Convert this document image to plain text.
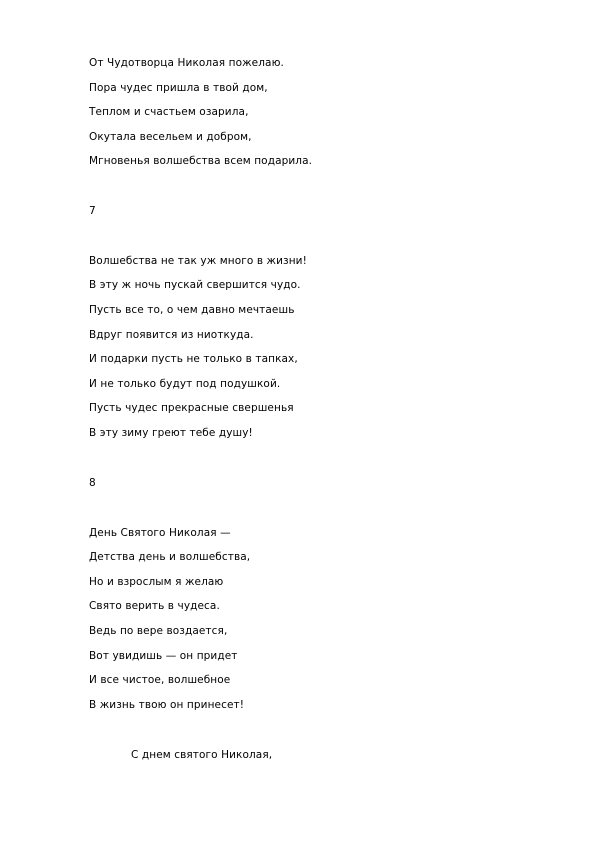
От Чудотворца Николая пожелаю.
Пора чудес пришла в твой дом,
Теплом и счастьем озарила,
Окутала весельем и добром,
Мгновенья волшебства всем подарила.
7
Волшебства не так уж много в жизни!
В эту ж ночь пускай свершится чудо.
Пусть все то, о чем давно мечтаешь
Вдруг появится из ниоткуда.
И подарки пусть не только в тапках,
И не только будут под подушкой.
Пусть чудес прекрасные свершенья
В эту зиму греют тебе душу!
8
День Святого Николая —
Детства день и волшебства,
Но и взрослым я желаю
Свято верить в чудеса.
Ведь по вере воздается,
Вот увидишь — он придет
И все чистое, волшебное
В жизнь твою он принесет!
С днем святого Николая,
